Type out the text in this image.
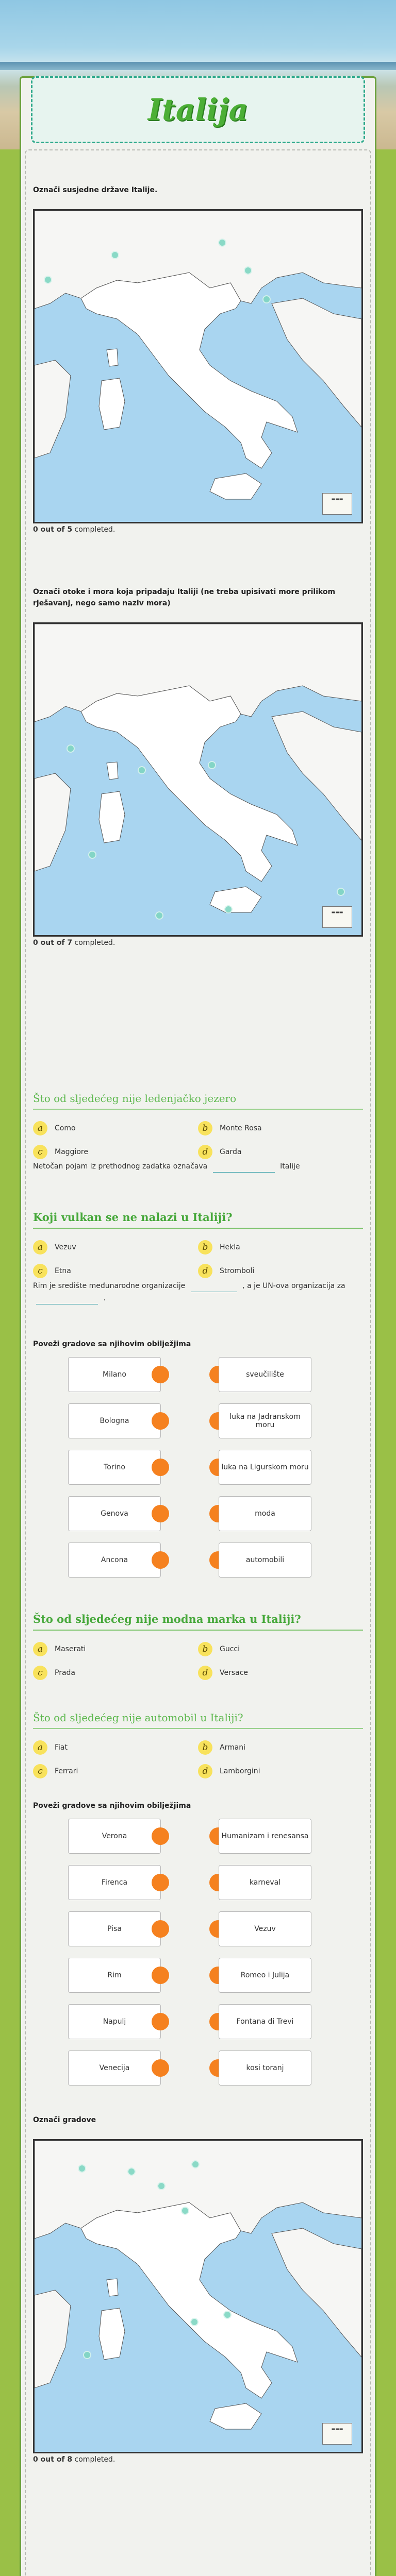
Italija
Označi susjedne države Italije.
▬▬▬
0 out of 5 completed.
Označi otoke i mora koja pripadaju Italiji (ne treba upisivati more prilikom rješavanj, nego samo naziv mora)
▬▬▬
0 out of 7 completed.
Što od sljedećeg nije ledenjačko jezero
a	Como	b	Monte Rosa
c	Maggiore	d	Garda
Netočan pojam iz prethodnog zadatka označava	Italije
Koji vulkan se ne nalazi u Italiji?
a	Vezuv	b	Hekla
c	Etna	d	Stromboli
Rim je središte međunarodne organizacije	, a je UN-ova organizacija za  .
Poveži gradove sa njihovim obilježjima
Milano	sveučilište
Bologna	luka na Jadranskom moru
Torino	luka na Ligurskom moru
Genova	moda
Ancona	automobili
Što od sljedećeg nije modna marka u Italiji?
a	Maserati	b	Gucci
c	Prada	d	Versace
Što od sljedećeg nije automobil u Italiji?
a	Fiat	b	Armani
c	Ferrari	d	Lamborgini
Poveži gradove sa njihovim obilježjima
Verona	Humanizam i renesansa
Firenca	karneval
Pisa	Vezuv
Rim	Romeo i Julija
Napulj	Fontana di Trevi
Venecija	kosi toranj
Označi gradove
▬▬▬
0 out of 8 completed.
